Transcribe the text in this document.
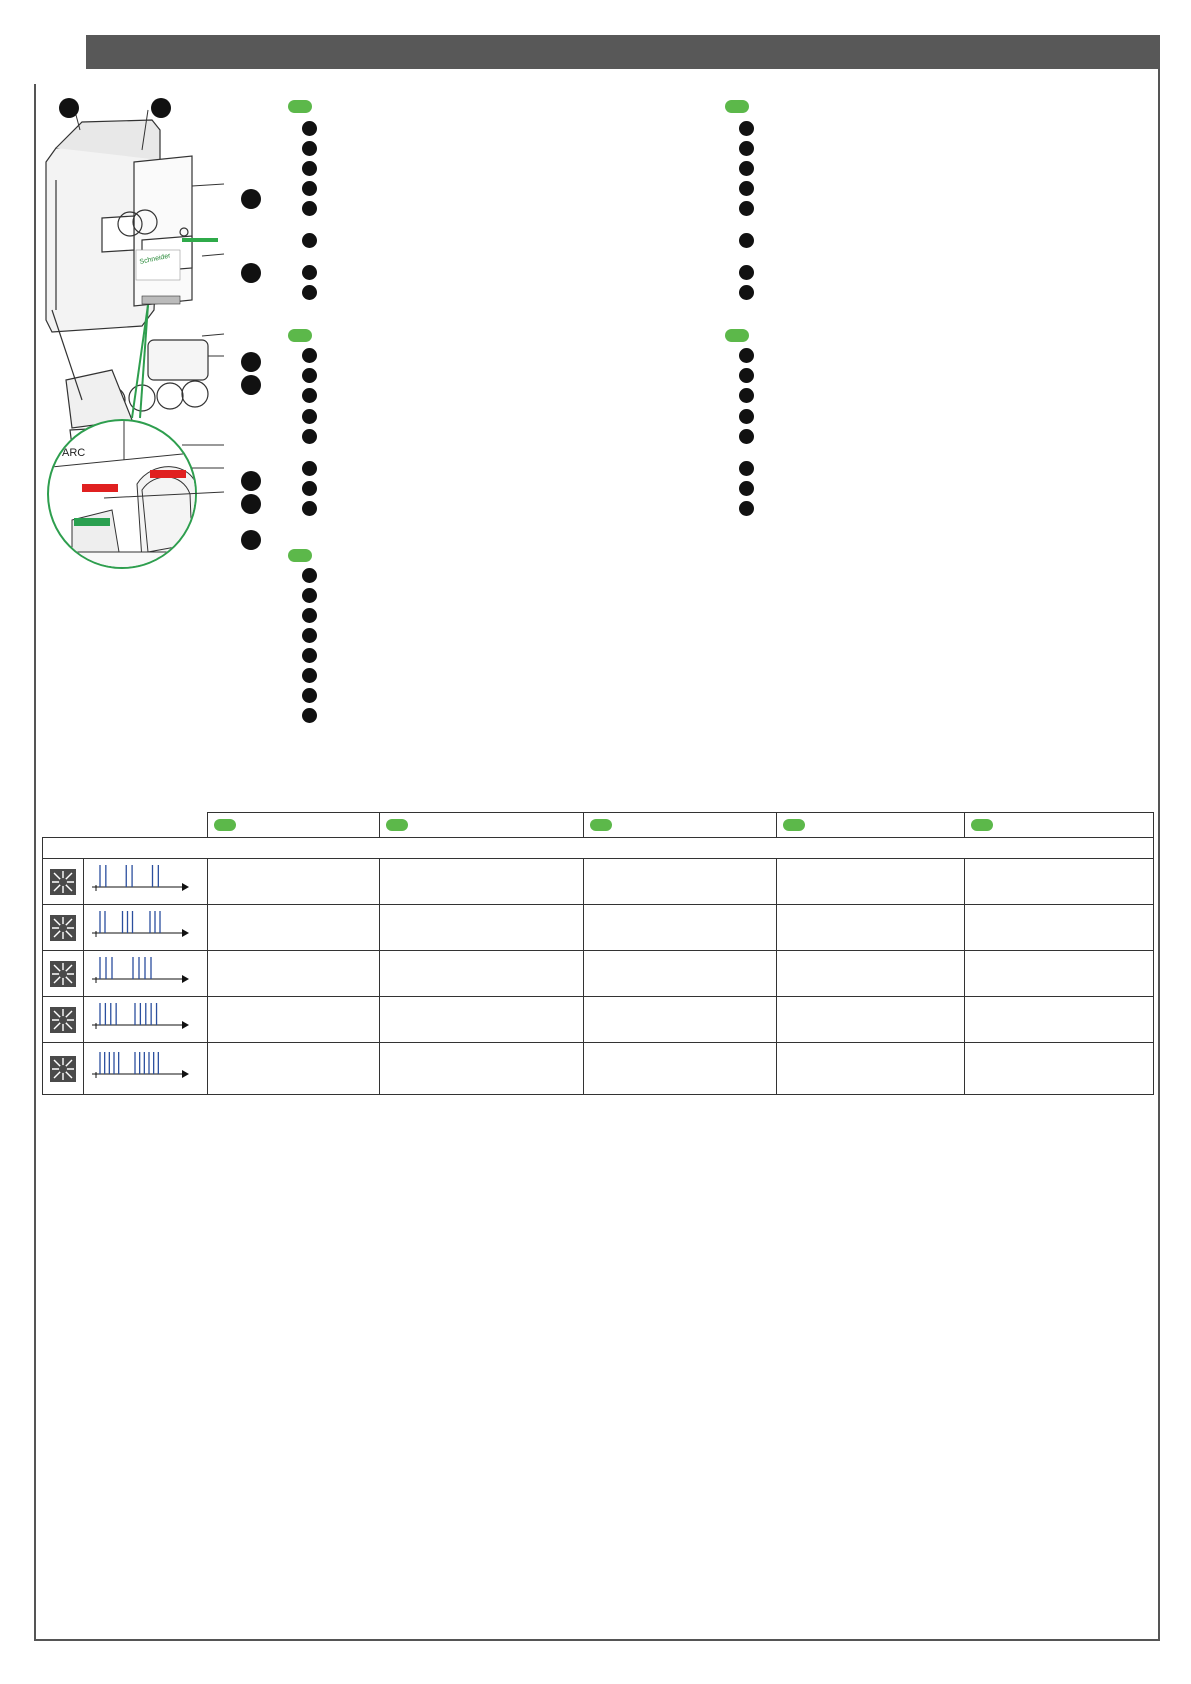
Schneider
ARC
